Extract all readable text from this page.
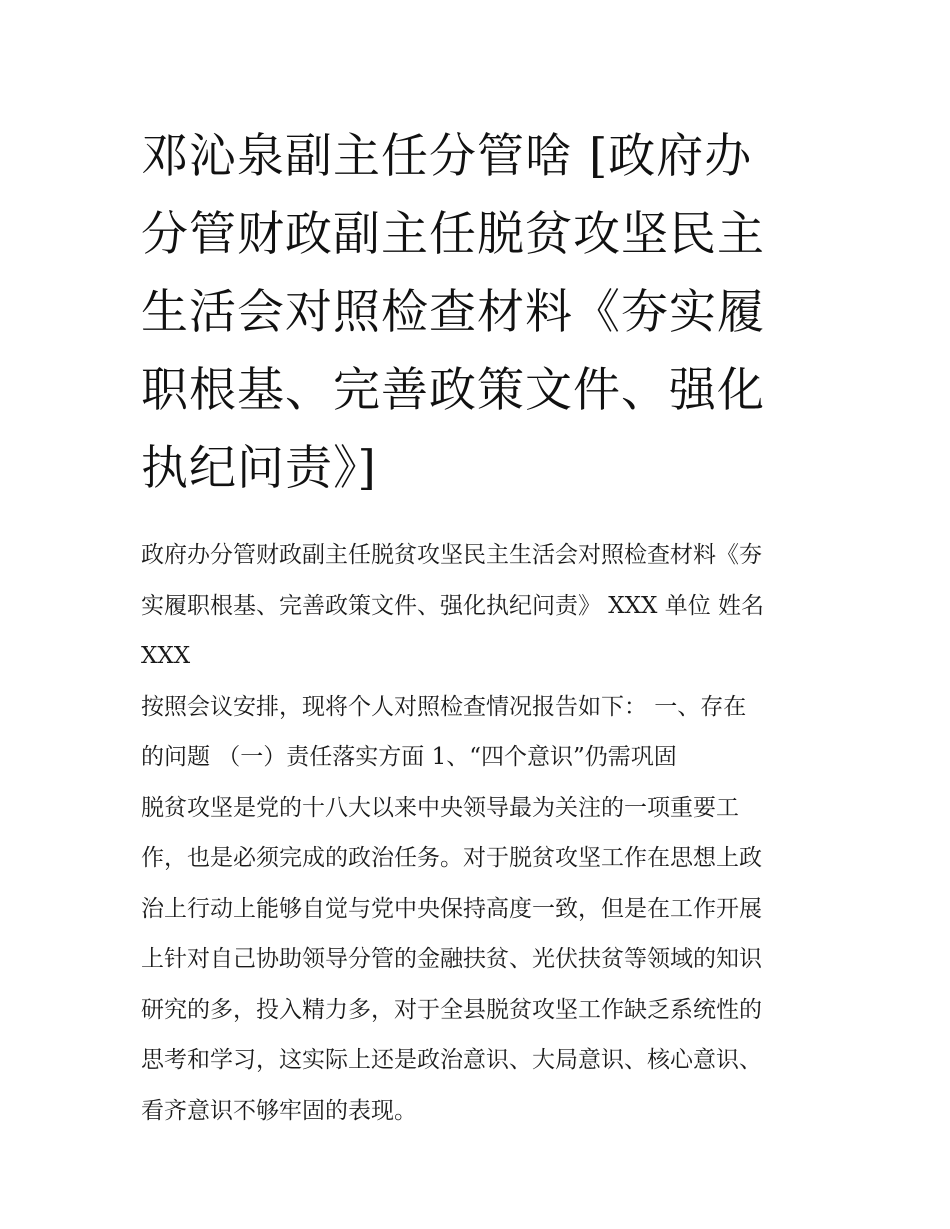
邓沁泉副主任分管啥 [政府办
分管财政副主任脱贫攻坚民主
生活会对照检查材料《夯实履
职根基、完善政策文件、强化
执纪问责》]

政府办分管财政副主任脱贫攻坚民主生活会对照检查材料《夯
实履职根基、完善政策文件、强化执纪问责》 XXX 单位 姓名
XXX

按照会议安排，现将个人对照检查情况报告如下： 一、存在
的问题 （一）责任落实方面 1、“四个意识”仍需巩固

脱贫攻坚是党的十八大以来中央领导最为关注的一项重要工
作，也是必须完成的政治任务。对于脱贫攻坚工作在思想上政
治上行动上能够自觉与党中央保持高度一致，但是在工作开展
上针对自己协助领导分管的金融扶贫、光伏扶贫等领域的知识
研究的多，投入精力多，对于全县脱贫攻坚工作缺乏系统性的
思考和学习，这实际上还是政治意识、大局意识、核心意识、
看齐意识不够牢固的表现。
